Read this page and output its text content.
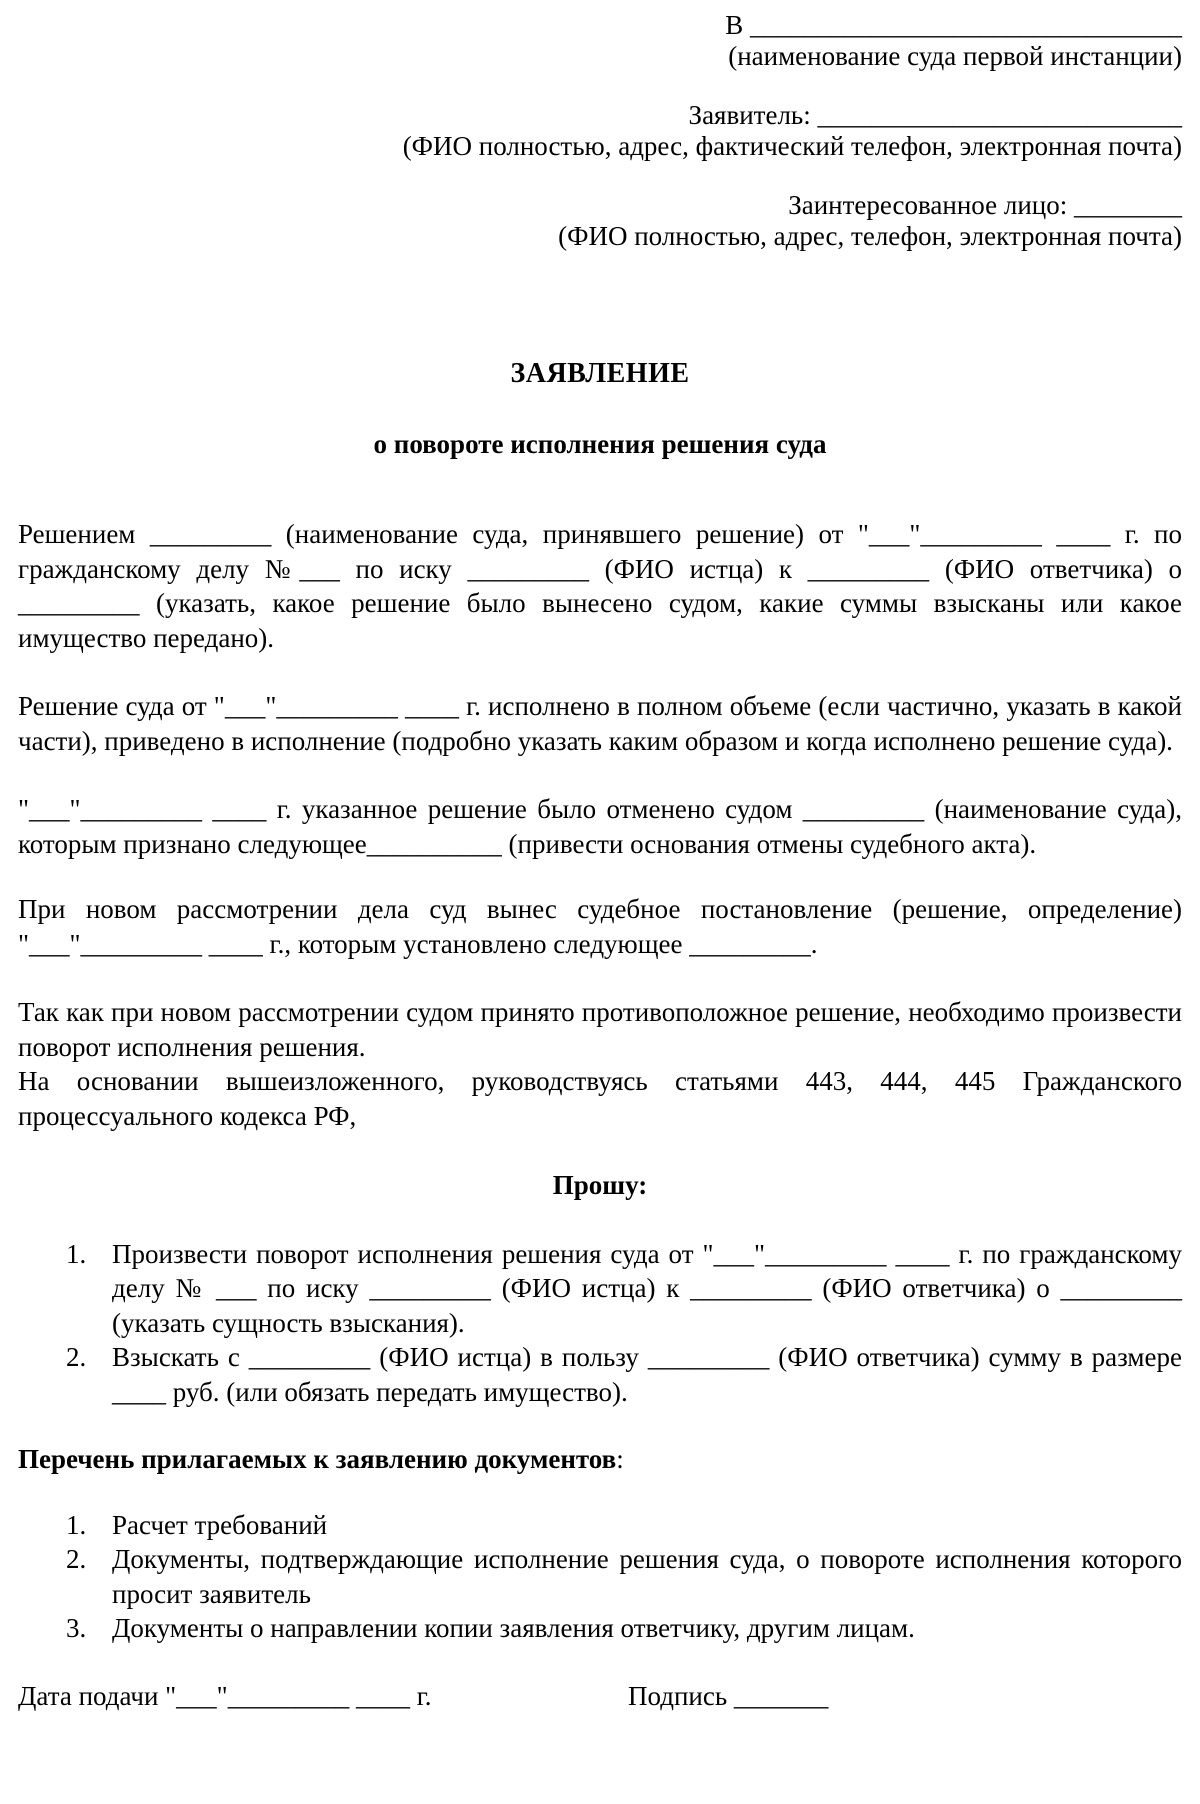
В ________________________________
(наименование суда первой инстанции)
Заявитель: ___________________________
(ФИО полностью, адрес, фактический телефон, электронная почта)
Заинтересованное лицо: ________
(ФИО полностью, адрес, телефон, электронная почта)
ЗАЯВЛЕНИЕ
о повороте исполнения решения суда
Решением _________ (наименование суда, принявшего решение) от "___"_________ ____ г. по гражданскому делу №___ по иску _________ (ФИО истца) к _________ (ФИО ответчика) о _________ (указать, какое решение было вынесено судом, какие суммы взысканы или какое имущество передано).
Решение суда от "___"_________ ____ г. исполнено в полном объеме (если частично, указать в какой части), приведено в исполнение (подробно указать каким образом и когда исполнено решение суда).
"___"_________ ____ г. указанное решение было отменено судом _________ (наименование суда), которым признано следующее__________ (привести основания отмены судебного акта).
При новом рассмотрении дела суд вынес судебное постановление (решение, определение) "___"_________ ____ г., которым установлено следующее _________.
Так как при новом рассмотрении судом принято противоположное решение, необходимо произвести поворот исполнения решения.
На основании вышеизложенного, руководствуясь статьями 443, 444, 445 Гражданского процессуального кодекса РФ,
Прошу:
1. Произвести поворот исполнения решения суда от "___"_________ ____ г. по гражданскому делу № ___ по иску _________ (ФИО истца) к _________ (ФИО ответчика) о _________ (указать сущность взыскания).
2. Взыскать с _________ (ФИО истца) в пользу _________ (ФИО ответчика) сумму в размере ____ руб. (или обязать передать имущество).
Перечень прилагаемых к заявлению документов:
1. Расчет требований
2. Документы, подтверждающие исполнение решения суда, о повороте исполнения которого просит заявитель
3. Документы о направлении копии заявления ответчику, другим лицам.
Дата подачи "___"_________ ____ г.	Подпись _______
